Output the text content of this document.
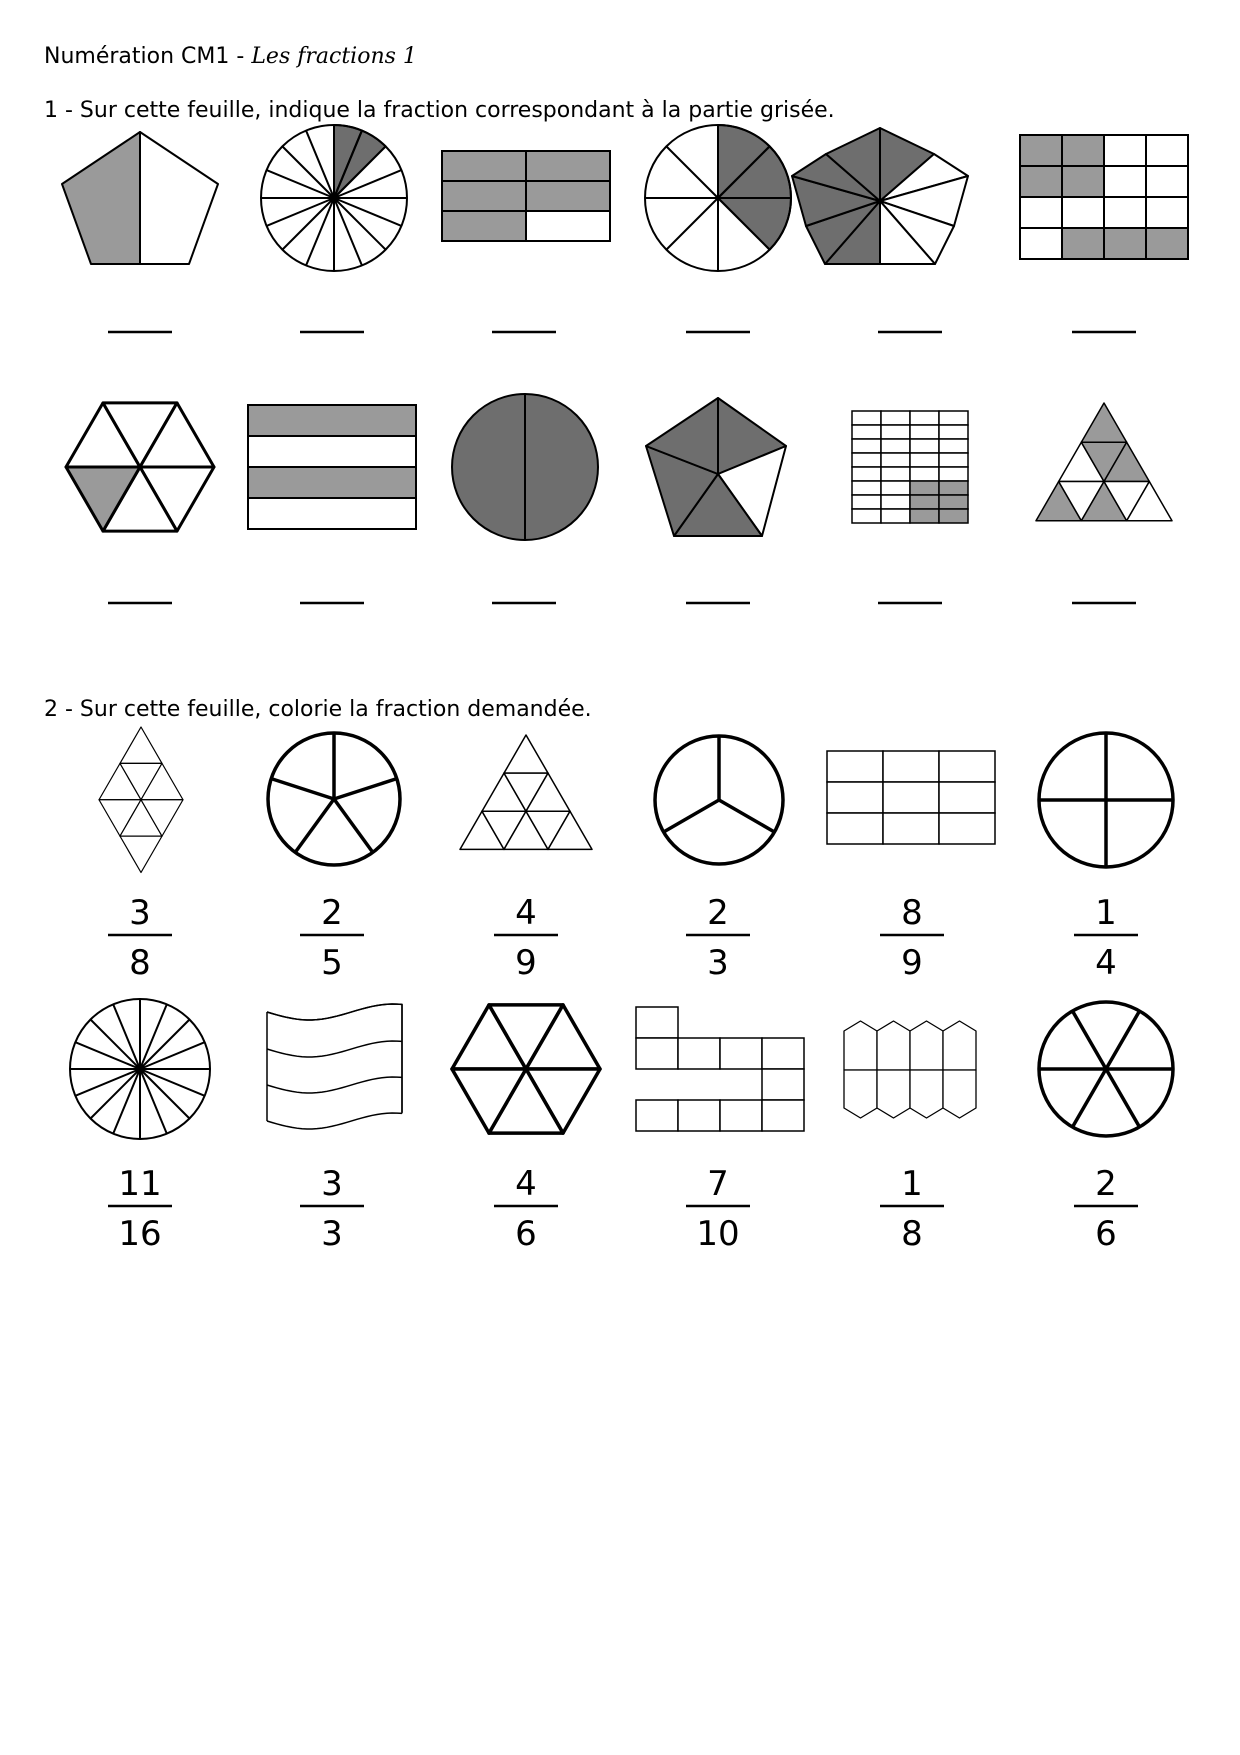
Numération CM1 - Les fractions 1
1 - Sur cette feuille, indique la fraction correspondant à la partie grisée.
2 - Sur cette feuille, colorie la fraction demandée.
3
8
2
5
4
9
2
3
8
9
1
4
11
16
3
3
4
6
7
10
1
8
2
6
